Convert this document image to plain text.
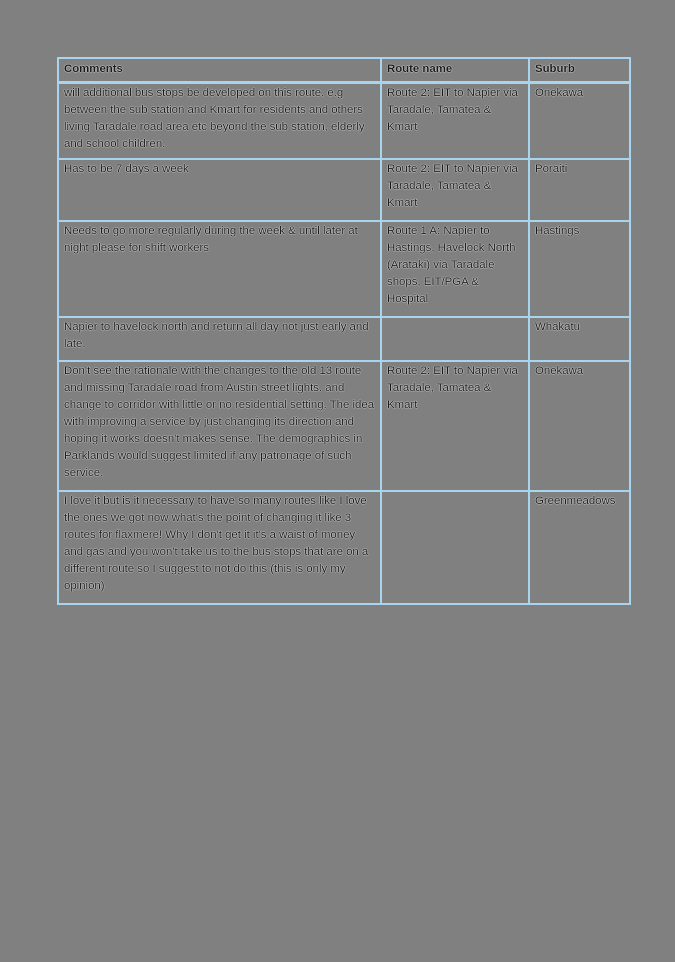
Comments	Route name	Suburb
will additional bus stops be developed on this route. e.g between the sub station and Kmart for residents and others living Taradale road area etc beyond the sub station, elderly and school children.	Route 2: EIT to Napier via Taradale, Tamatea & Kmart	Onekawa
Has to be 7 days a week	Route 2: EIT to Napier via Taradale, Tamatea & Kmart	Poraiti
Needs to go more regularly during the week & until later at night please for shift workers	Route 1 A: Napier to Hastings, Havelock North (Arataki) via Taradale shops, EIT/PGA & Hospital	Hastings
Napier to havelock north and return all day not just early and late.		Whakatu
Don't see the rationale with the changes to the old 13 route and missing Taradale road from Austin street lights. and change to corridor with little or no residential setting. The idea with improving a service by just changing its direction and hoping it works doesn't makes sense. The demographics in Parklands would suggest limited if any patronage of such service.	Route 2: EIT to Napier via Taradale, Tamatea & Kmart	Onekawa
I love it but is it necessary to have so many routes like I love the ones we got now what's the point of changing it like 3 routes for flaxmere! Why I don't get it it's a waist of money and gas and you won't take us to the bus stops that are on a different route so I suggest to not do this (this is only my opinion)		Greenmeadows
